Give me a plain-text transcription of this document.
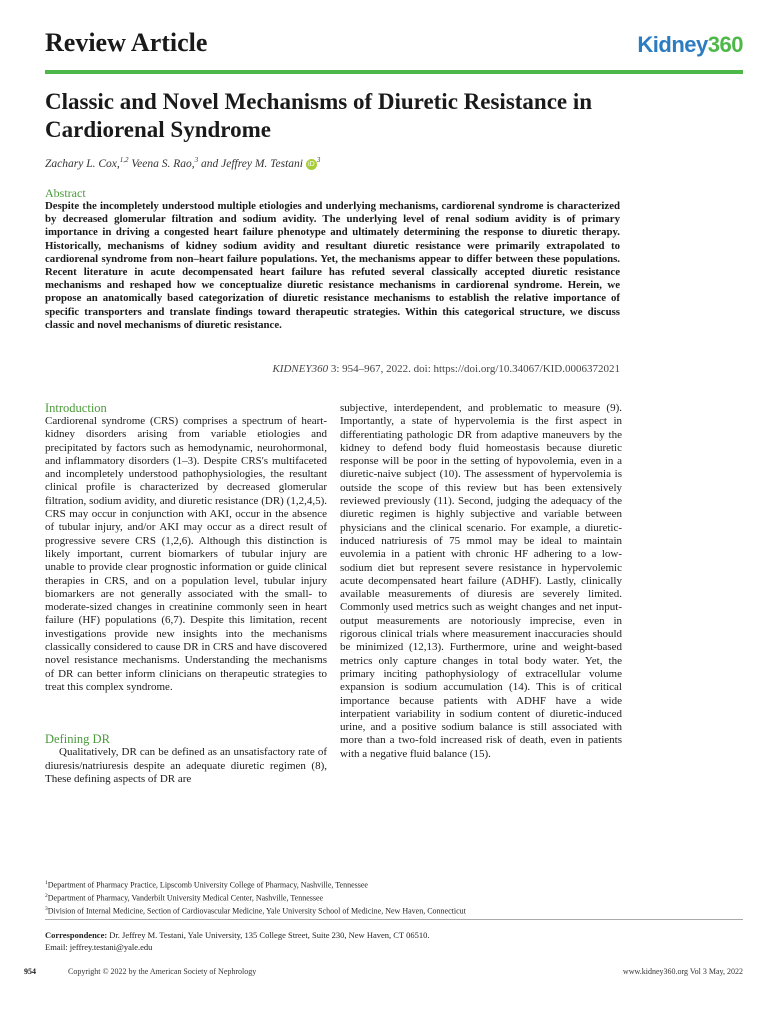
Review Article	Kidney360
Classic and Novel Mechanisms of Diuretic Resistance in Cardiorenal Syndrome
Zachary L. Cox,$^{1,2}$ Veena S. Rao,$^3$ and Jeffrey M. Testani $iD^3$
Abstract
Despite the incompletely understood multiple etiologies and underlying mechanisms, cardiorenal syndrome is characterized by decreased glomerular filtration and sodium avidity. The underlying level of renal sodium avidity is of primary importance in driving a congested heart failure phenotype and ultimately determining the response to diuretic therapy. Historically, mechanisms of kidney sodium avidity and resultant diuretic resistance were primarily extrapolated to cardiorenal syndrome from non–heart failure populations. Yet, the mechanisms appear to differ between these populations. Recent literature in acute decompensated heart failure has refuted several classically accepted diuretic resistance mechanisms and reshaped how we conceptualize diuretic resistance mechanisms in cardiorenal syndrome. Herein, we propose an anatomically based categorization of diuretic resistance mechanisms to establish the relative importance of specific transporters and translate findings toward therapeutic strategies. Within this categorical structure, we discuss classic and novel mechanisms of diuretic resistance.
KIDNEY360 3: 954–967, 2022. doi: https://doi.org/10.34067/KID.0006372021

Introduction

Cardiorenal syndrome (CRS) comprises a spectrum of heart-kidney disorders arising from variable etiologies and precipitated by factors such as hemodynamic, neurohormonal, and inflammatory disorders (1–3). Despite CRS's multifaceted and incompletely understood pathophysiologies, the resultant clinical profile is characterized by decreased glomerular filtration, sodium avidity, and diuretic resistance (DR) (1,2,4,5). CRS may occur in conjunction with AKI, occur in the absence of tubular injury, and/or AKI may occur as a direct result of progressive severe CRS (1,2,6). Although this distinction is likely important, current biomarkers of tubular injury are unable to provide clear prognostic information or guide clinical therapies in CRS, and on a population level, tubular injury biomarkers are not generally associated with the small- to moderate-sized changes in creatinine commonly seen in heart failure (HF) populations (6,7). Despite this limitation, recent investigations provide new insights into the mechanisms classically considered to cause DR in CRS and have discovered novel resistance mechanisms. Understanding the mechanisms of DR can better inform clinicians on therapeutic strategies to treat this complex syndrome.

Defining DR

Qualitatively, DR can be defined as an unsatisfactory rate of diuresis/natriuresis despite an adequate diuretic regimen (8), These defining aspects of DR are

subjective, interdependent, and problematic to measure (9). Importantly, a state of hypervolemia is the first aspect in differentiating pathologic DR from adaptive maneuvers by the kidney to defend body fluid homeostasis because diuretic response will be poor in the setting of hypovolemia, even in a diuretic-naive subject (10). The assessment of hypervolemia is outside the scope of this review but has been extensively reviewed previously (11). Second, judging the adequacy of the diuretic regimen is highly subjective and variable between physicians and the clinical scenario. For example, a diuretic-induced natriuresis of 75 mmol may be ideal to maintain euvolemia in a patient with chronic HF adhering to a low-sodium diet but represent severe resistance in hypervolemic acute decompensated heart failure (ADHF). Lastly, clinically available measurements of diuresis are severely limited. Commonly used metrics such as weight changes and net input-output measurements are notoriously imprecise, even in rigorous clinical trials where measurement inaccuracies should be minimized (12,13). Furthermore, urine and weight-based metrics only capture changes in total body water. Yet, the primary inciting pathophysiology of extracellular volume expansion is sodium accumulation (14). This is of critical importance because patients with ADHF have a wide interpatient variability in sodium content of diuretic-induced urine, and a positive sodium balance is still associated with more than a two-fold increased risk of death, even in patients with a negative fluid balance (15).

$^1$Department of Pharmacy Practice, Lipscomb University College of Pharmacy, Nashville, Tennessee
$^2$Department of Pharmacy, Vanderbilt University Medical Center, Nashville, Tennessee
$^3$Division of Internal Medicine, Section of Cardiovascular Medicine, Yale University School of Medicine, New Haven, Connecticut
Correspondence: Dr. Jeffrey M. Testani, Yale University, 135 College Street, Suite 230, New Haven, CT 06510.
Email: jeffrey.testani@yale.edu
954	Copyright © 2022 by the American Society of Nephrology	www.kidney360.org Vol 3 May, 2022
